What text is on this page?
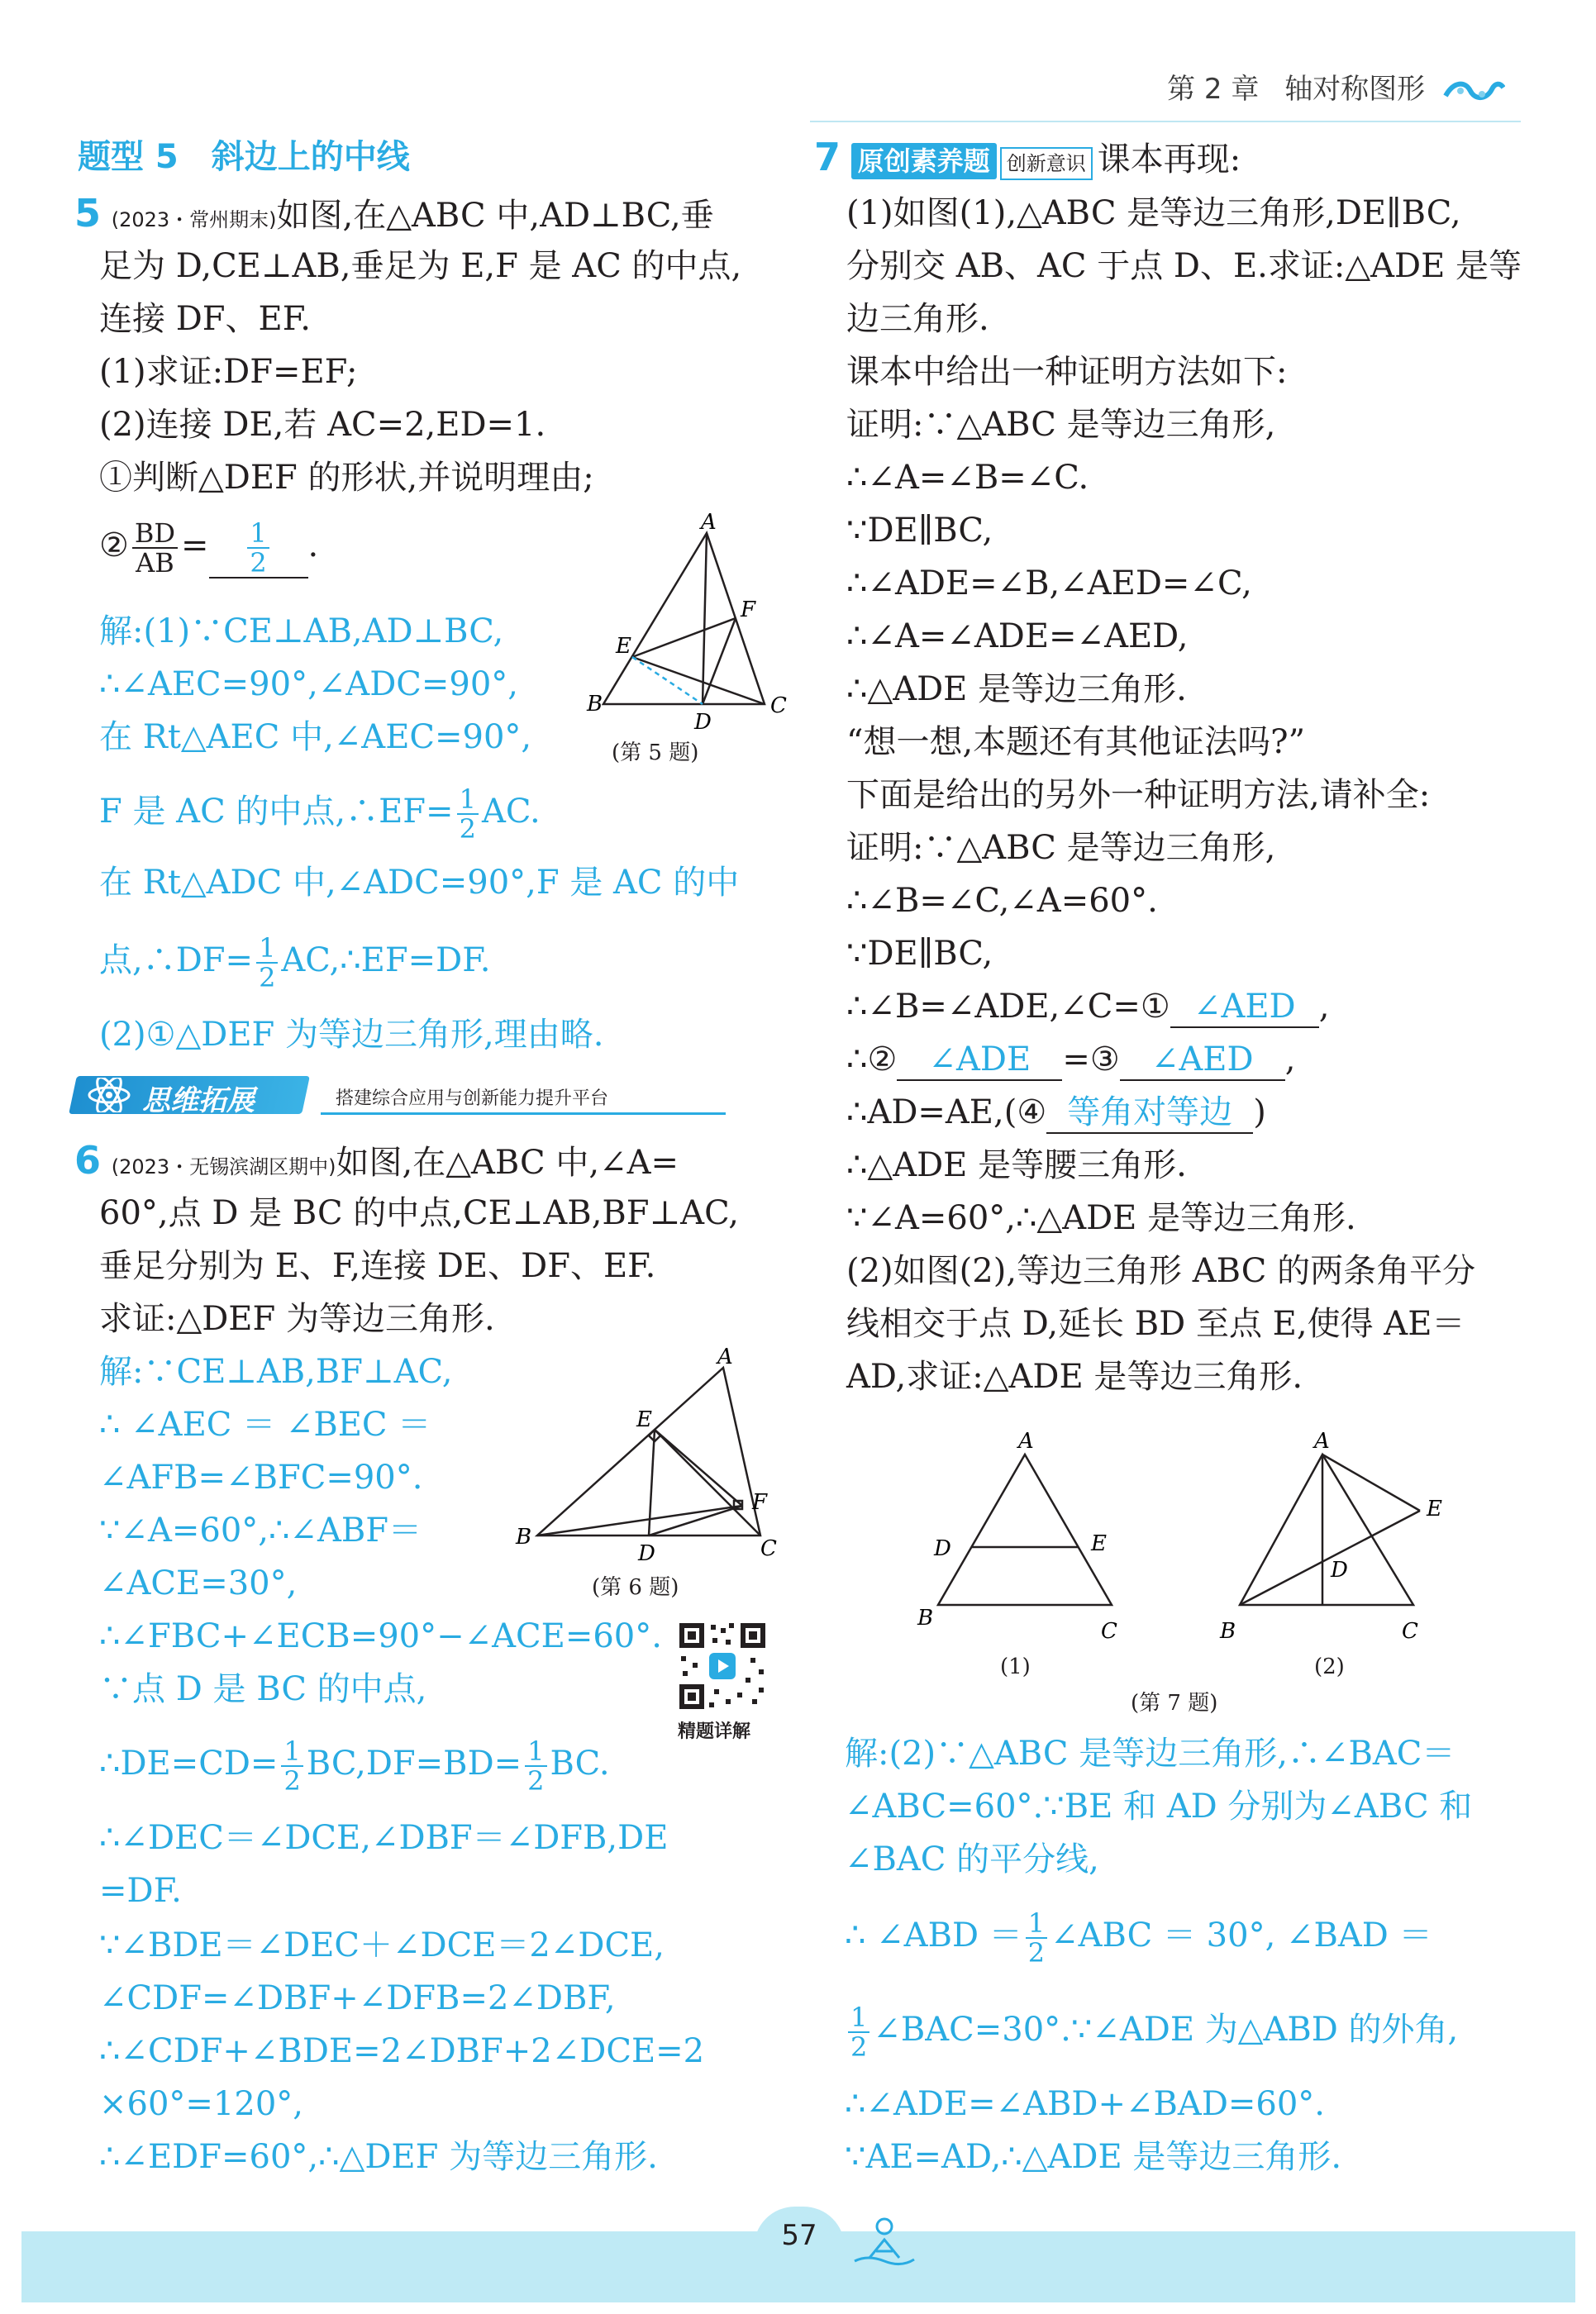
第 2 章 轴对称图形
题型 5　斜边上的中线
5 (2023・常州期末)如图,在△ABC 中,AD⊥BC,垂
足为 D,CE⊥AB,垂足为 E,F 是 AC 的中点,
连接 DF、EF.
(1)求证:DF=EF;
(2)连接 DE,若 AC=2,ED=1.
①判断△DEF 的形状,并说明理由;
② $\frac{BD}{AB} = \frac{1}{2}$ .
解:(1)∵CE⊥AB,AD⊥BC,
∴∠AEC=90°,∠ADC=90°,
在 Rt△AEC 中,∠AEC=90°,
F 是 AC 的中点,∴EF= $\frac{1}{2}$ AC.
在 Rt△ADC 中,∠ADC=90°,F 是 AC 的中
点,∴DF= $\frac{1}{2}$ AC,∴EF=DF.
(2)①△DEF 为等边三角形,理由略.
A
B	C
D
E
F
(第 5 题)
思维拓展	搭建综合应用与创新能力提升平台
6 (2023・无锡滨湖区期中)如图,在△ABC 中,∠A=
60°,点 D 是 BC 的中点,CE⊥AB,BF⊥AC,
垂足分别为 E、F,连接 DE、DF、EF.
求证:△DEF 为等边三角形.
解:∵CE⊥AB,BF⊥AC,
∴ ∠AEC ＝ ∠BEC ＝
∠AFB=∠BFC=90°.
∵∠A=60°,∴∠ABF＝
∠ACE=30°,
∴∠FBC+∠ECB=90°−∠ACE=60°.
∵点 D 是 BC 的中点,
∴DE=CD= $\frac{1}{2} BC,DF=BD= \frac{1}{2}$ BC.
∴∠DEC＝∠DCE,∠DBF＝∠DFB,DE
=DF.
∵∠BDE＝∠DEC＋∠DCE＝2∠DCE,
∠CDF=∠DBF+∠DFB=2∠DBF,
∴∠CDF+∠BDE=2∠DBF+2∠DCE=2
×60°=120°,
∴∠EDF=60°,∴△DEF 为等边三角形.
A
B	C
D
E
F
(第 6 题)
精题详解
7 原创素养题 创新意识 课本再现:
(1)如图(1),△ABC 是等边三角形,DE∥BC,
分别交 AB、AC 于点 D、E.求证:△ADE 是等
边三角形.
课本中给出一种证明方法如下:
证明:∵△ABC 是等边三角形,
∴∠A=∠B=∠C.
∵DE∥BC,
∴∠ADE=∠B,∠AED=∠C,
∴∠A=∠ADE=∠AED,
∴△ADE 是等边三角形.
“想一想,本题还有其他证法吗?”
下面是给出的另外一种证明方法,请补全:
证明:∵△ABC 是等边三角形,
∴∠B=∠C,∠A=60°.
∵DE∥BC,
∴∠B=∠ADE,∠C=① ∠AED ,
∴② ∠ADE =③ ∠AED ,
∴AD=AE,(④ 等角对等边 )
∴△ADE 是等腰三角形.
∵∠A=60°,∴△ADE 是等边三角形.
(2)如图(2),等边三角形 ABC 的两条角平分
线相交于点 D,延长 BD 至点 E,使得 AE＝
AD,求证:△ADE 是等边三角形.
A
B
C
D	E
(1)
A
B	C
D
E
(2)
(第 7 题)
解:(2)∵△ABC 是等边三角形,∴∠BAC＝
∠ABC=60°.∵BE 和 AD 分别为∠ABC 和
∠BAC 的平分线,
∴ ∠ABD ＝ $\frac{1}{2}$ ∠ABC ＝ 30°, ∠BAD ＝
$\frac{1}{2}$ ∠BAC=30°.∵∠ADE 为△ABD 的外角,
∴∠ADE=∠ABD+∠BAD=60°.
∵AE=AD,∴△ADE 是等边三角形.
57
